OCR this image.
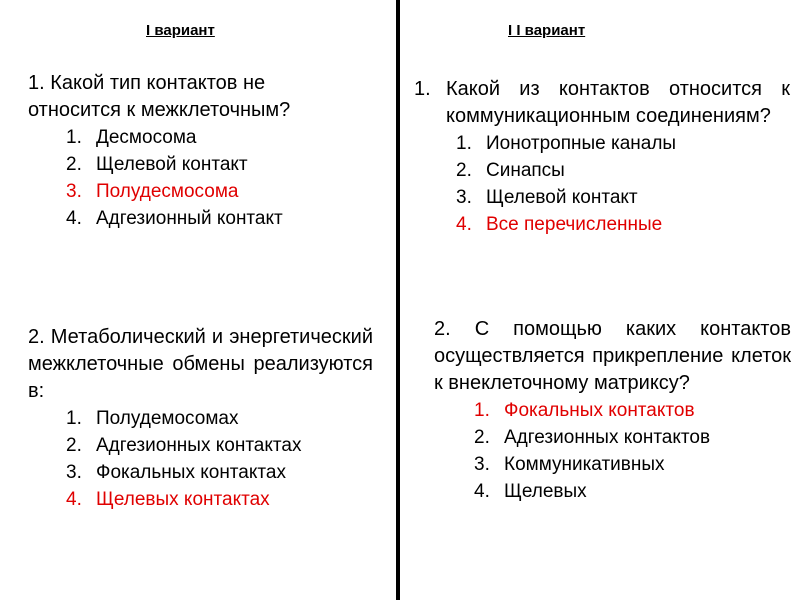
I вариант
1. Какой тип контактов не относится к межклеточным?
1. Десмосома
2. Щелевой контакт
3. Полудесмосома
4. Адгезионный контакт
2. Метаболический и энергетический межклеточные обмены реализуются в:
1. Полудемосомах
2. Адгезионных контактах
3. Фокальных контактах
4. Щелевых контактах
I I вариант
1. Какой из контактов относится к коммуникационным соединениям?
1. Ионотропные каналы
2. Синапсы
3. Щелевой контакт
4. Все перечисленные
2. С помощью каких контактов осуществляется прикрепление клеток к внеклеточному матриксу?
1. Фокальных контактов
2. Адгезионных контактов
3. Коммуникативных
4. Щелевых
